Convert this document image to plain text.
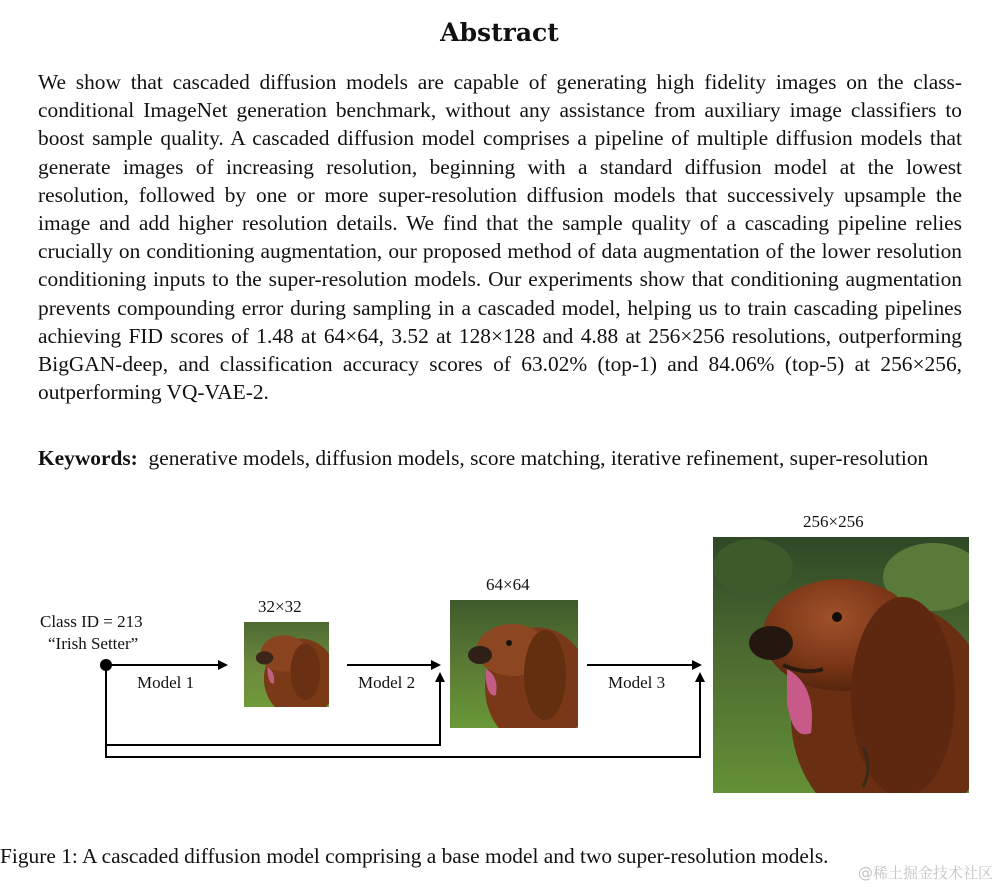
Abstract

We show that cascaded diffusion models are capable of generating high fidelity images on the class-conditional ImageNet generation benchmark, without any assistance from auxiliary image classifiers to boost sample quality. A cascaded diffusion model comprises a pipeline of multiple diffusion models that generate images of increasing resolution, beginning with a standard diffusion model at the lowest resolution, followed by one or more super-resolution diffusion models that successively upsample the image and add higher resolution details. We find that the sample quality of a cascading pipeline relies crucially on conditioning augmentation, our proposed method of data augmentation of the lower resolution conditioning inputs to the super-resolution models. Our experiments show that conditioning augmentation prevents compounding error during sampling in a cascaded model, helping us to train cascading pipelines achieving FID scores of 1.48 at 64×64, 3.52 at 128×128 and 4.88 at 256×256 resolutions, outperforming BigGAN-deep, and classification accuracy scores of 63.02% (top-1) and 84.06% (top-5) at 256×256, outperforming VQ-VAE-2.

Keywords: generative models, diffusion models, score matching, iterative refinement, super-resolution

Class ID = 213
“Irish Setter”
Model 1
32×32
Model 2
64×64
Model 3
256×256

Figure 1: A cascaded diffusion model comprising a base model and two super-resolution models.

@稀土掘金技术社区
